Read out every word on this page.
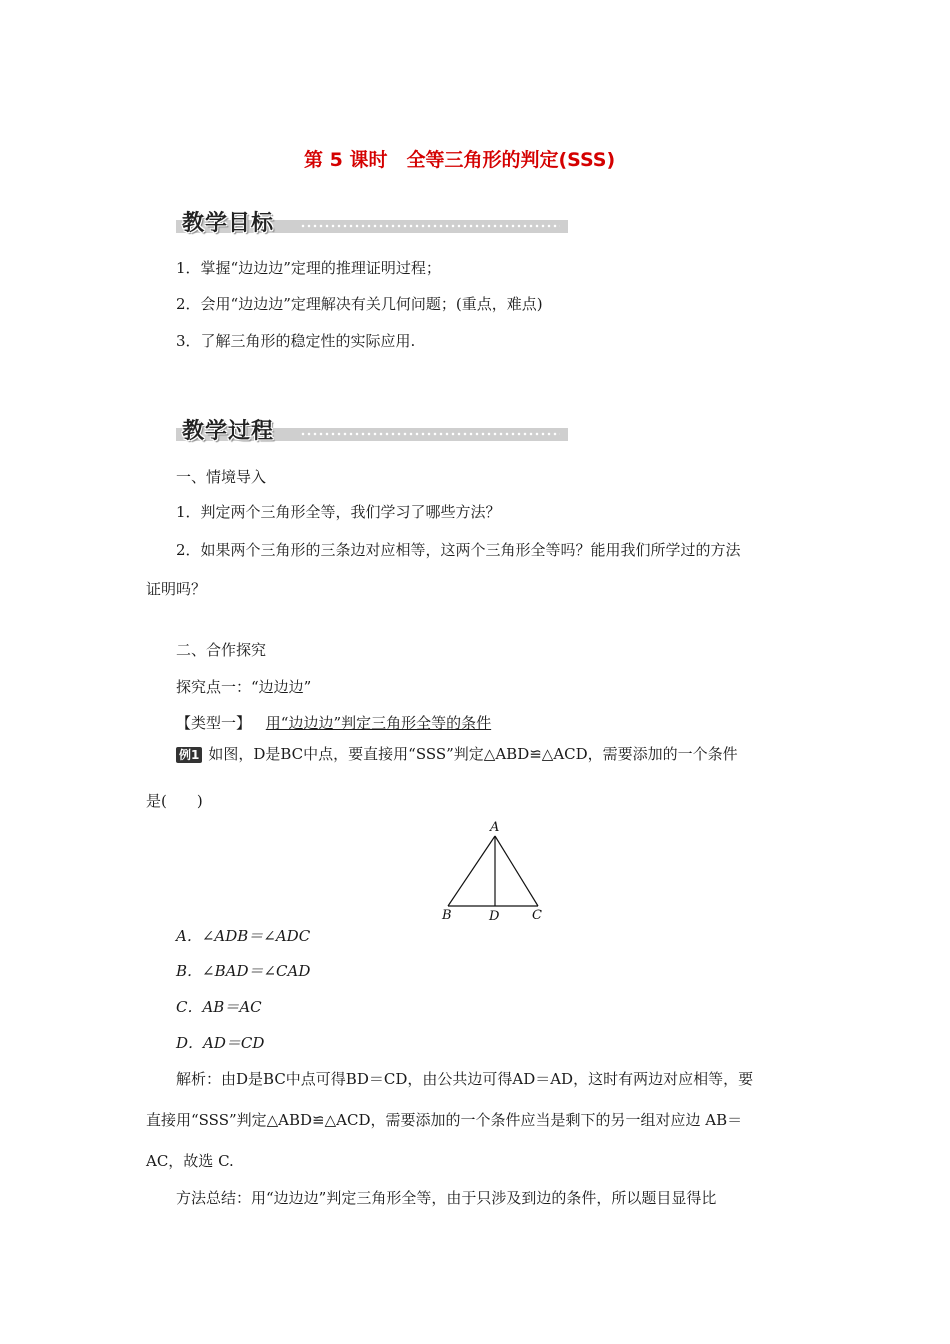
第 5 课时　全等三角形的判定(SSS)
教学目标
1．掌握“边边边”定理的推理证明过程；
2．会用“边边边”定理解决有关几何问题；(重点，难点)
3．了解三角形的稳定性的实际应用.
教学过程
一、情境导入
1．判定两个三角形全等，我们学习了哪些方法？
2．如果两个三角形的三条边对应相等，这两个三角形全等吗？能用我们所学过的方法
证明吗？
二、合作探究
探究点一：“边边边”
【类型一】 用“边边边”判定三角形全等的条件
例1 如图，D是BC中点，要直接用“SSS”判定△ABD≌△ACD，需要添加的一个条件
是(　　)
A
B	D	C
A．∠ADB＝∠ADC
B．∠BAD＝∠CAD
C．AB＝AC
D．AD＝CD
解析：由D是BC中点可得BD＝CD，由公共边可得AD＝AD，这时有两边对应相等，要
直接用“SSS”判定△ABD≌△ACD，需要添加的一个条件应当是剩下的另一组对应边 AB＝
AC，故选 C.
方法总结：用“边边边”判定三角形全等，由于只涉及到边的条件，所以题目显得比
